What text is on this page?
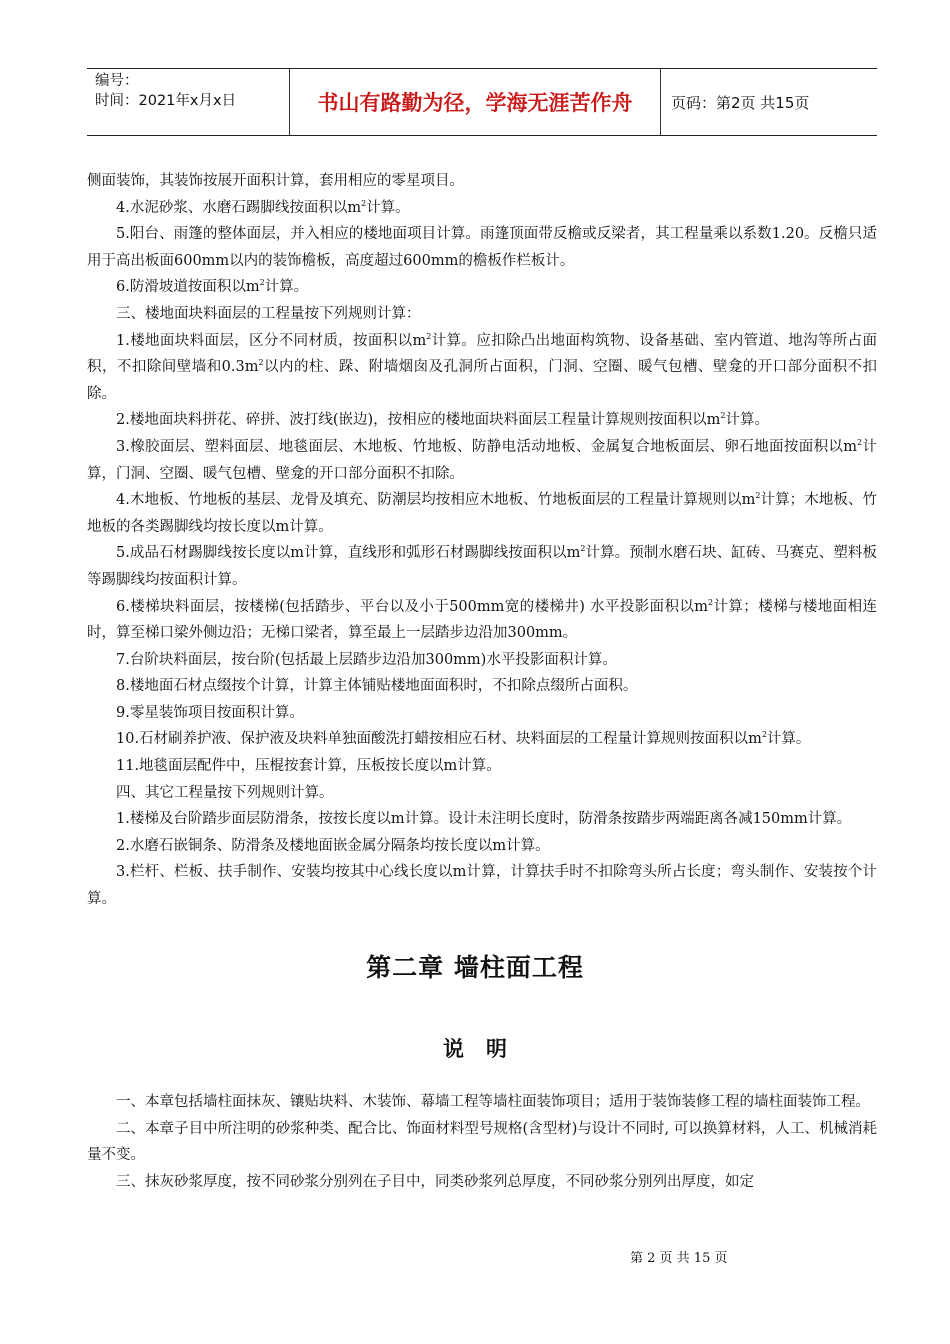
编号：
时间：2021年x月x日	书山有路勤为径，学海无涯苦作舟	页码：第2页 共15页
侧面装饰，其装饰按展开面积计算，套用相应的零星项目。
4.水泥砂浆、水磨石踢脚线按面积以$m^2$计算。
5.阳台、雨篷的整体面层，并入相应的楼地面项目计算。雨篷顶面带反檐或反梁者，其工程量乘以系数1.20。反檐只适用于高出板面600mm以内的装饰檐板，高度超过600mm的檐板作栏板计。
6.防滑坡道按面积以$m^2$计算。
三、楼地面块料面层的工程量按下列规则计算：
1.楼地面块料面层，区分不同材质，按面积以$m^2$计算。应扣除凸出地面构筑物、设备基础、室内管道、地沟等所占面积，不扣除间壁墙和$0.3m^2$以内的柱、跺、附墙烟囱及孔洞所占面积，门洞、空圈、暖气包槽、壁龛的开口部分面积不扣除。
2.楼地面块料拼花、碎拼、波打线(嵌边)，按相应的楼地面块料面层工程量计算规则按面积以$m^2$计算。
3.橡胶面层、塑料面层、地毯面层、木地板、竹地板、防静电活动地板、金属复合地板面层、卵石地面按面积以$m^2$计算，门洞、空圈、暖气包槽、壁龛的开口部分面积不扣除。
4.木地板、竹地板的基层、龙骨及填充、防潮层均按相应木地板、竹地板面层的工程量计算规则以$m^2$计算；木地板、竹地板的各类踢脚线均按长度以m计算。
5.成品石材踢脚线按长度以m计算，直线形和弧形石材踢脚线按面积以$m^2$计算。预制水磨石块、缸砖、马赛克、塑料板等踢脚线均按面积计算。
6.楼梯块料面层，按楼梯(包括踏步、平台以及小于500mm宽的楼梯井) 水平投影面积以$m^2$计算；楼梯与楼地面相连时，算至梯口梁外侧边沿；无梯口梁者，算至最上一层踏步边沿加300mm。
7.台阶块料面层，按台阶(包括最上层踏步边沿加300mm)水平投影面积计算。
8.楼地面石材点缀按个计算，计算主体铺贴楼地面面积时，不扣除点缀所占面积。
9.零星装饰项目按面积计算。
10.石材刷养护液、保护液及块料单独面酸洗打蜡按相应石材、块料面层的工程量计算规则按面积以$m^2$计算。
11.地毯面层配件中，压棍按套计算，压板按长度以m计算。
四、其它工程量按下列规则计算。
1.楼梯及台阶踏步面层防滑条，按按长度以m计算。设计未注明长度时，防滑条按踏步两端距离各减150mm计算。
2.水磨石嵌铜条、防滑条及楼地面嵌金属分隔条均按长度以m计算。
3.栏杆、栏板、扶手制作、安装均按其中心线长度以m计算，计算扶手时不扣除弯头所占长度；弯头制作、安装按个计算。
第二章 墙柱面工程
说明
一、本章包括墙柱面抹灰、镶贴块料、木装饰、幕墙工程等墙柱面装饰项目；适用于装饰装修工程的墙柱面装饰工程。
二、本章子目中所注明的砂浆种类、配合比、饰面材料型号规格(含型材)与设计不同时, 可以换算材料，人工、机械消耗量不变。
三、抹灰砂浆厚度，按不同砂浆分别列在子目中，同类砂浆列总厚度，不同砂浆分别列出厚度，如定
第 2 页 共 15 页
